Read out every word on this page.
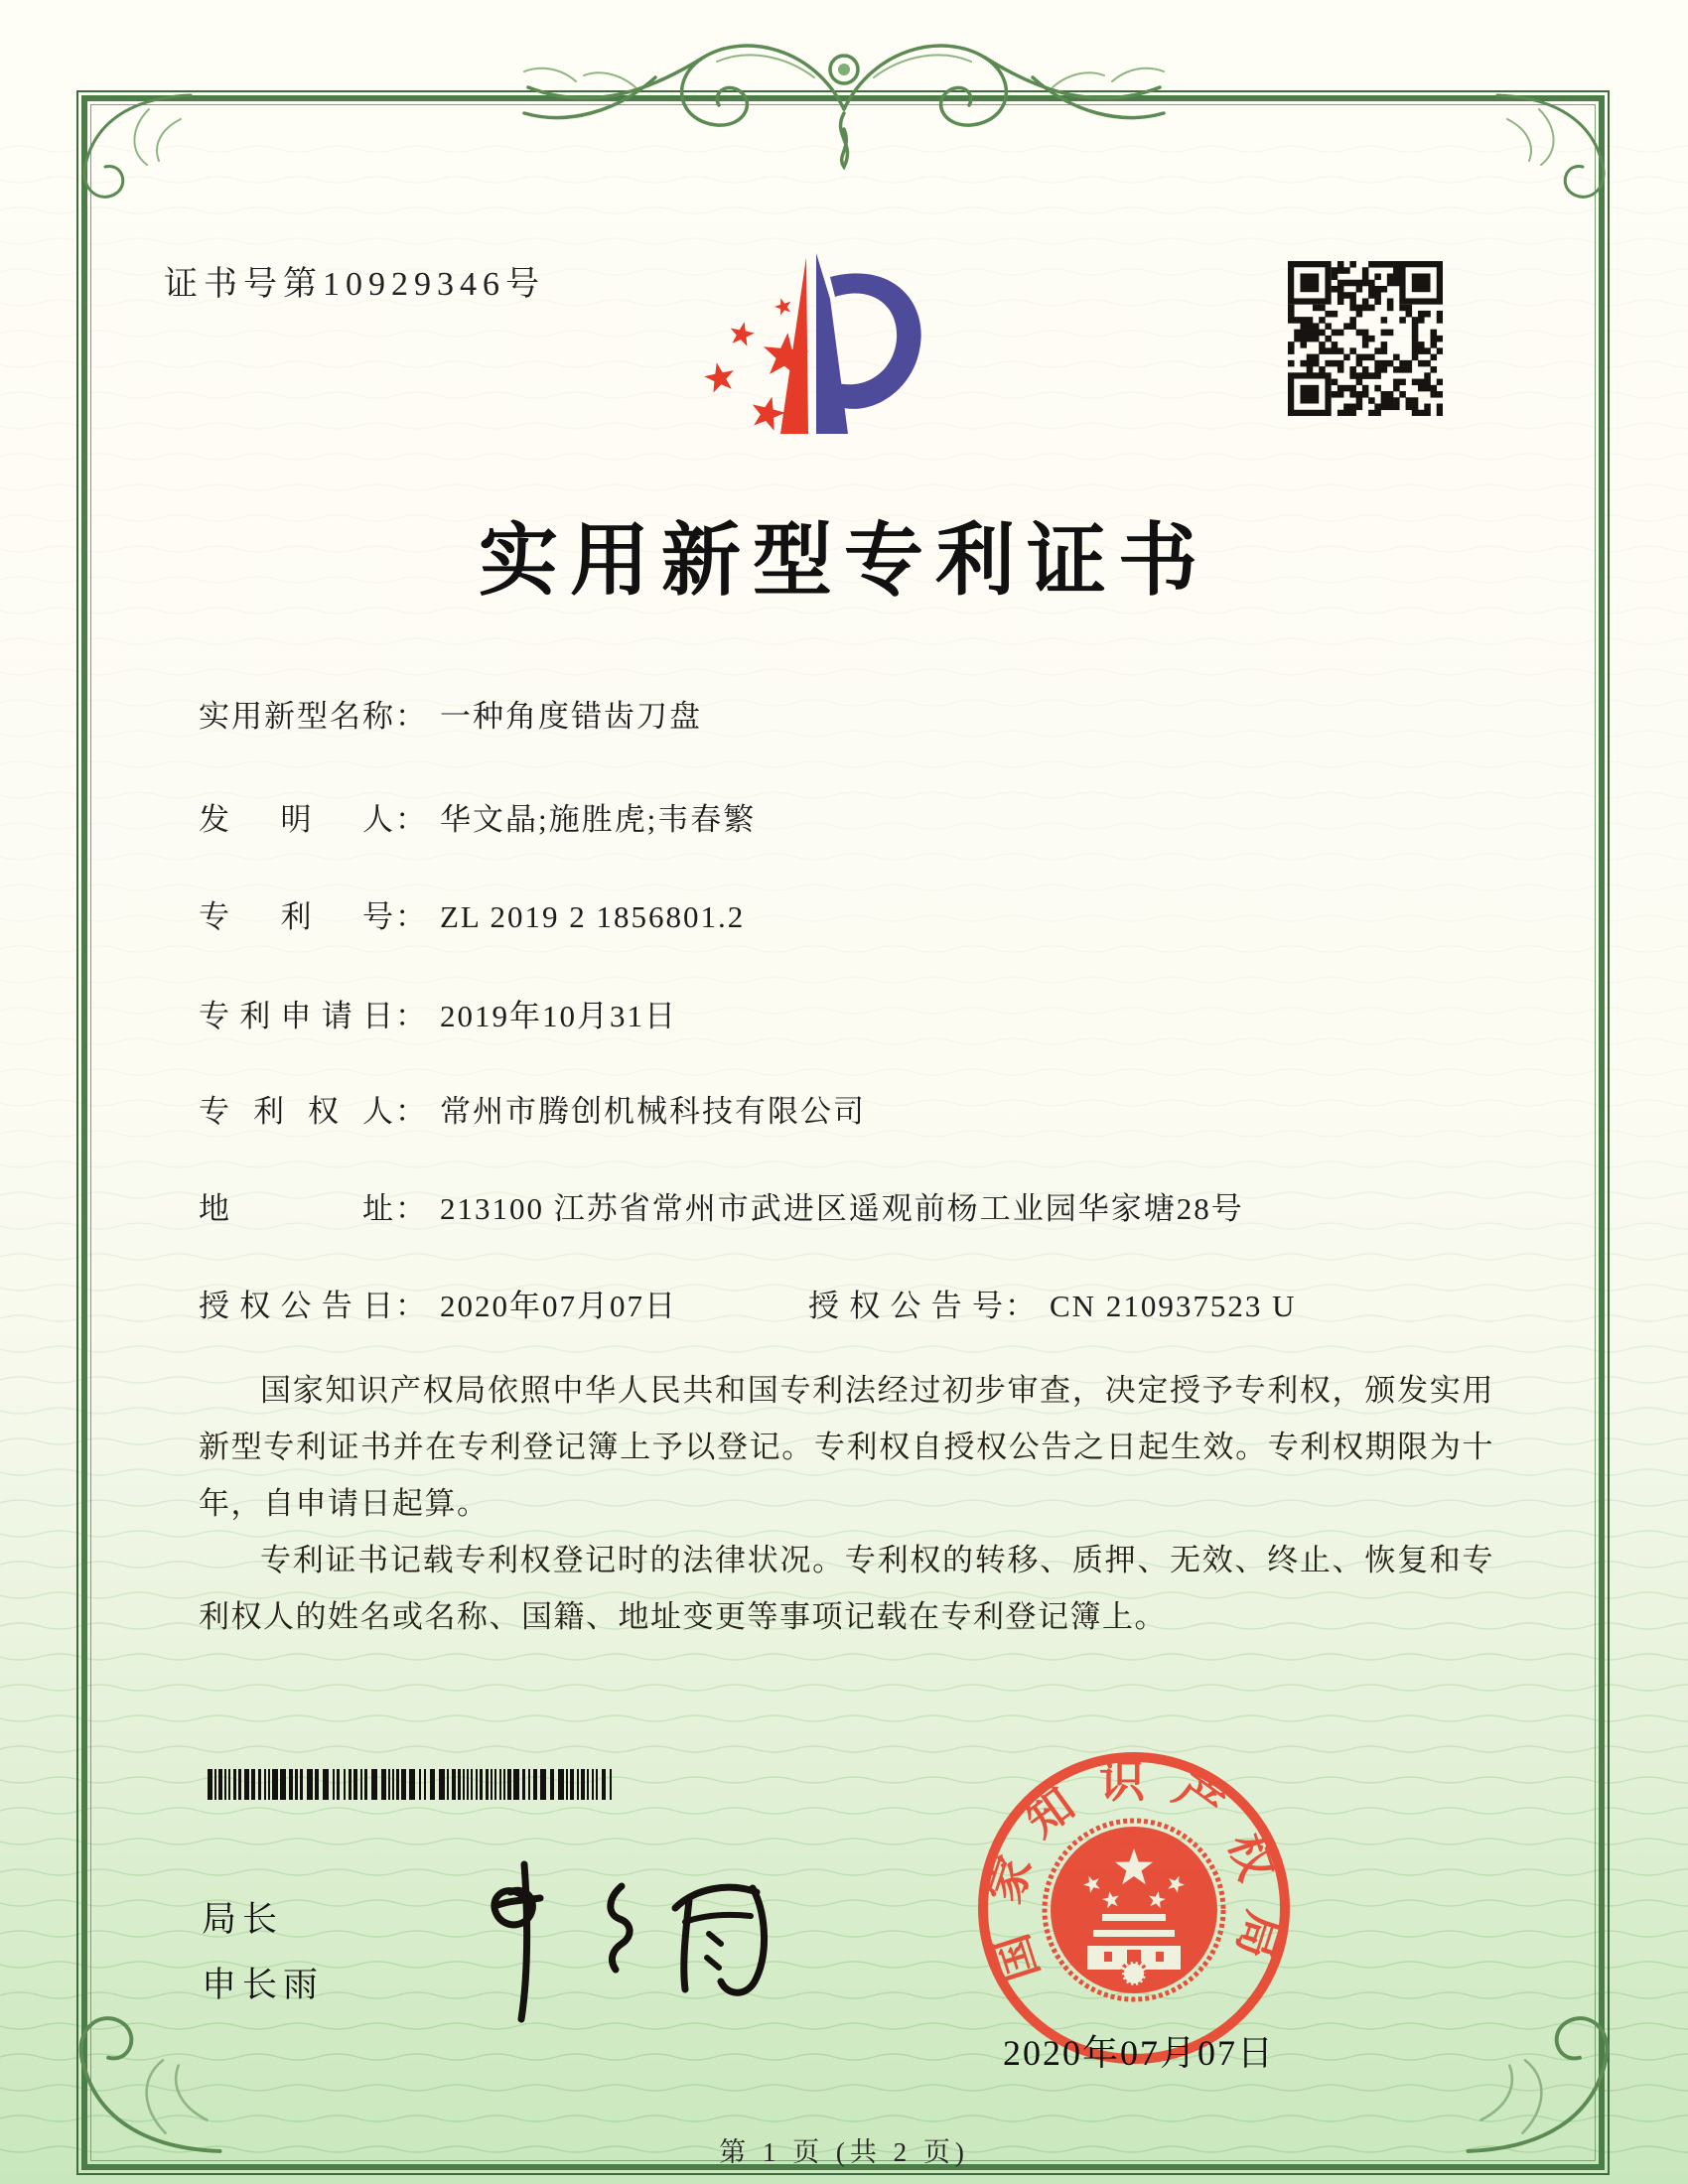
证书号第10929346号
实用新型专利证书
实用新型名称： 一种角度错齿刀盘
发明人： 华文晶;施胜虎;韦春繁
专利号： ZL 2019 2 1856801.2
专利申请日： 2019年10月31日
专利权人： 常州市腾创机械科技有限公司
地址： 213100 江苏省常州市武进区遥观前杨工业园华家塘28号
授权公告日： 2020年07月07日	授权公告号： CN 210937523 U

国家知识产权局依照中华人民共和国专利法经过初步审查，决定授予专利权，颁发实用新型专利证书并在专利登记簿上予以登记。专利权自授权公告之日起生效。专利权期限为十年，自申请日起算。

专利证书记载专利权登记时的法律状况。专利权的转移、质押、无效、终止、恢复和专利权人的姓名或名称、国籍、地址变更等事项记载在专利登记簿上。

局长
申长雨	国家知识产权局
2020年07月07日
第 1 页 (共 2 页)
